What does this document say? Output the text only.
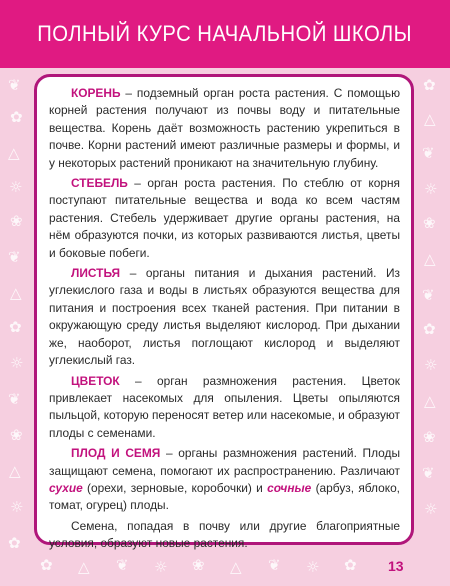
ПОЛНЫЙ КУРС НАЧАЛЬНОЙ ШКОЛЫ
❦
✿
△
☼
❀
❦
△
✿
☼
❦
❀
△
☼
✿
✿
△
❦
☼
❀
△
❦
✿
☼
△
❀
❦
☼
✿ △ ❦ ☼ ❀ △ ❦ ☼ ✿

КОРЕНЬ – подземный орган роста растения. С помощью корней растения получают из почвы воду и питательные вещества. Корень даёт возможность растению укрепиться в почве. Корни растений имеют различные размеры и формы, и у некоторых растений проникают на значительную глубину.

СТЕБЕЛЬ – орган роста растения. По стеблю от корня поступают питательные вещества и вода ко всем частям растения. Стебель удерживает другие органы растения, на нём образуются почки, из которых развиваются листья, цветы и боковые побеги.

ЛИСТЬЯ – органы питания и дыхания растений. Из углекислого газа и воды в листьях образуются вещества для питания и построения всех тканей растения. При питании в окружающую среду листья выделяют кислород. При дыхании же, наоборот, листья поглощают кислород и выделяют углекислый газ.

ЦВЕТОК – орган размножения растения. Цветок привлекает насекомых для опыления. Цветы опыляются пыльцой, которую переносят ветер или насекомые, и образуют плоды с семенами.

ПЛОД И СЕМЯ – органы размножения растений. Плоды защищают семена, помогают их распространению. Различают сухие (орехи, зерновые, коробочки) и сочные (арбуз, яблоко, томат, огурец) плоды.

Семена, попадая в почву или другие благоприятные условия, образуют новые растения.

13
